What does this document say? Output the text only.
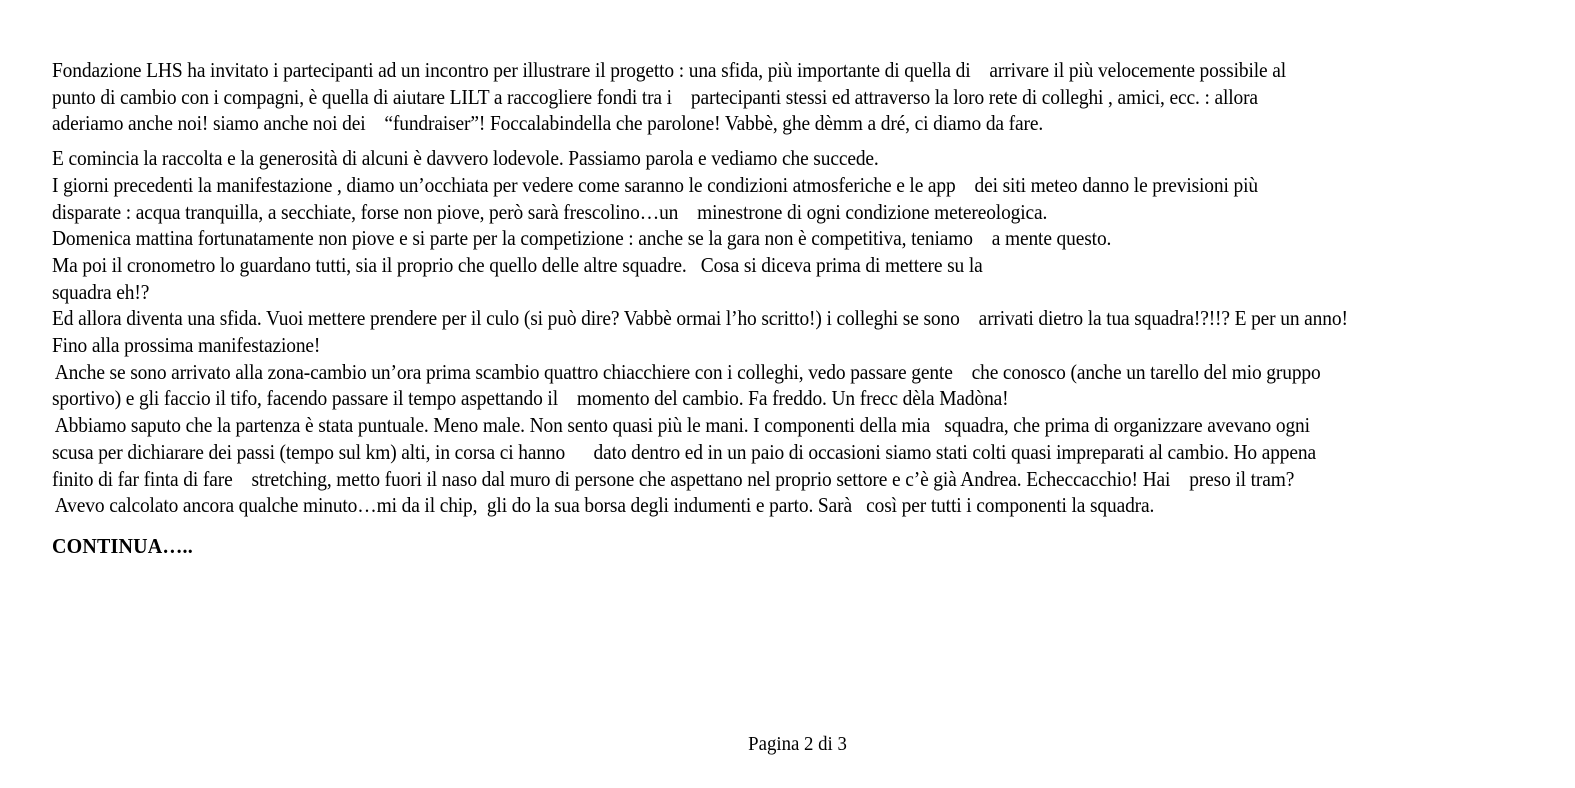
Fondazione LHS ha invitato i partecipanti ad un incontro per illustrare il progetto : una sfida, più importante di quella di    arrivare il più velocemente possibile al
punto di cambio con i compagni, è quella di aiutare LILT a raccogliere fondi tra i    partecipanti stessi ed attraverso la loro rete di colleghi , amici, ecc. : allora
aderiamo anche noi! siamo anche noi dei    “fundraiser”! Foccalabindella che parolone! Vabbè, ghe dèmm a dré, ci diamo da fare.
E comincia la raccolta e la generosità di alcuni è davvero lodevole. Passiamo parola e vediamo che succede.
I giorni precedenti la manifestazione , diamo un’occhiata per vedere come saranno le condizioni atmosferiche e le app    dei siti meteo danno le previsioni più
disparate : acqua tranquilla, a secchiate, forse non piove, però sarà frescolino…un    minestrone di ogni condizione metereologica.
Domenica mattina fortunatamente non piove e si parte per la competizione : anche se la gara non è competitiva, teniamo    a mente questo.
Ma poi il cronometro lo guardano tutti, sia il proprio che quello delle altre squadre.   Cosa si diceva prima di mettere su la
squadra eh!?
Ed allora diventa una sfida. Vuoi mettere prendere per il culo (si può dire? Vabbè ormai l’ho scritto!) i colleghi se sono    arrivati dietro la tua squadra!?!!? E per un anno!
Fino alla prossima manifestazione!
Anche se sono arrivato alla zona-cambio un’ora prima scambio quattro chiacchiere con i colleghi, vedo passare gente    che conosco (anche un tarello del mio gruppo
sportivo) e gli faccio il tifo, facendo passare il tempo aspettando il    momento del cambio. Fa freddo. Un frecc dèla Madòna!
Abbiamo saputo che la partenza è stata puntuale. Meno male. Non sento quasi più le mani. I componenti della mia   squadra, che prima di organizzare avevano ogni
scusa per dichiarare dei passi (tempo sul km) alti, in corsa ci hanno      dato dentro ed in un paio di occasioni siamo stati colti quasi impreparati al cambio. Ho appena
finito di far finta di fare    stretching, metto fuori il naso dal muro di persone che aspettano nel proprio settore e c’è già Andrea. Echeccacchio! Hai    preso il tram?
Avevo calcolato ancora qualche minuto…mi da il chip,  gli do la sua borsa degli indumenti e parto. Sarà   così per tutti i componenti la squadra.
CONTINUA…..

Pagina 2 di 3
